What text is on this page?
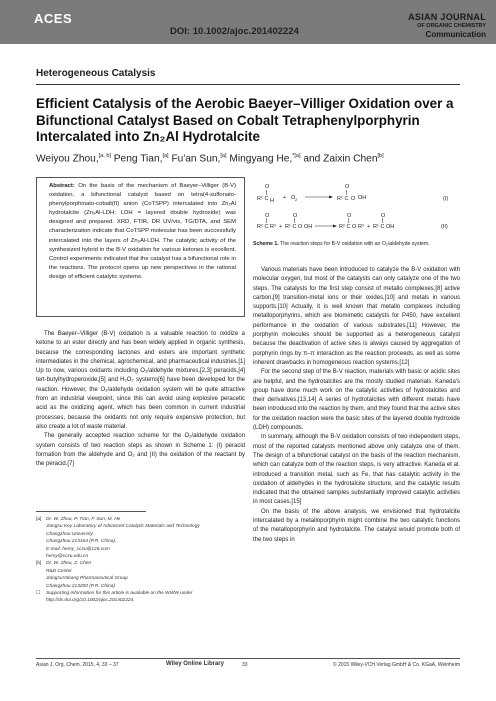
ACES	ASIAN JOURNAL
OF ORGANIC CHEMISTRY
Communication
DOI: 10.1002/ajoc.201402224
Heterogeneous Catalysis
Efficient Catalysis of the Aerobic Baeyer–Villiger Oxidation over a Bifunctional Catalyst Based on Cobalt Tetraphenylporphyrin Intercalated into Zn₂Al Hydrotalcite
Weiyou Zhou,[a, b] Peng Tian,[a] Fu'an Sun,[a] Mingyang He,$^{*[a]}$ and Zaixin Chen[b]
Abstract: On the basis of the mechanism of Baeyer–Villiger (B-V) oxidation, a bifunctional catalyst based on tetra(4-sulfonato-phenylporphinato-cobalt(II) anion (CoTSPP) intercalated into Zn₂Al hydrotalcite (Zn₂Al-LDH; LDH = layered double hydroxide) was designed and prepared. XRD, FTIR, DR UV/vis, TG/DTA, and SEM characterization indicate that CoTSPP molecular has been successfully intercalated into the layers of Zn₂Al-LDH. The catalytic activity of the synthesized hybrid in the B-V oxidation for various ketones is excellent. Control experiments indicated that the catalyst has a bifunctional role in the reactions. The protocol opens up new perspectives in the rational design of efficient catalytic systems.

The Baeyer–Villiger (B-V) oxidation is a valuable reaction to oxidize a ketone to an ester directly and has been widely applied in organic synthesis, because the corresponding lactones and esters are important synthetic intermediates in the chemical, agrochemical, and pharmaceutical industries.[1] Up to now, various oxidants including O₂/aldehyde mixtures,[2,3] peracids,[4] tert-butylhydroperoxide,[5] and H₂O₂ systems[6] have been developed for the reaction. However, the O₂/aldehyde oxidation system will be quite attractive from an industrial viewpoint, since this can avoid using explosive peracetic acid as the oxidizing agent, which has been common in current industrial processes, because the oxidants not only require expensive protection, but also create a lot of waste material.

The generally accepted reaction scheme for the O₂/aldehyde oxidation system consists of two reaction steps as shown in Scheme 1: (I) peracid formation from the aldehyde and O₂ and (II) the oxidation of the reactant by the peracid.[7]

R¹
O
C H + O 2	R¹
O
C O OH	(I)
R²
O
C R³ + R¹
O
C O OH	R²
O
C O R³ + R¹
O
C OH	(II)
Scheme 1. The reaction steps for B-V oxidation with an O₂/aldehyde system.

Various materials have been introduced to catalyze the B-V oxidation with molecular oxygen, but most of the catalysts can only catalyze one of the two steps. The catalysts for the first step consist of metallo complexes,[8] active carbon,[9] transition-metal ions or their oxides,[10] and metals in various supports.[10] Actually, it is well known that metallo complexes including metalloporphyrins, which are biomimetic catalysts for P450, have excellent performance in the oxidation of various substrates.[11] However, the porphyrin molecules should be supported as a heterogeneous catalyst because the deactivation of active sites is always caused by aggregation of porphyrin rings by π–π interaction as the reaction proceeds, as well as some inherent drawbacks in homogeneous reaction systems.[12]

For the second step of the B-V reaction, materials with basic or acidic sites are helpful, and the hydrotalcites are the mostly studied materials. Kaneda's group have done much work on the catalytic activities of hydrotalcites and their derivatives.[13,14] A series of hydrotalcites with different metals have been introduced into the reaction by them, and they found that the active sites for the oxidation reaction were the basic sites of the layered double hydroxide (LDH) compounds.

In summary, although the B-V oxidation consists of two independent steps, most of the reported catalysts mentioned above only catalyze one of them. The design of a bifunctional catalyst on the basis of the reaction mechanism, which can catalyze both of the reaction steps, is very attractive. Kaneda et al. introduced a transition metal, such as Fe, that has catalytic activity in the oxidation of aldehydes in the hydrotalcite structure, and the catalytic results indicated that the obtained samples substantially improved catalytic activities in most cases.[15]

On the basis of the above analysis, we envisioned that hydrotalcite intercalated by a metalloporphyrin might combine the two catalytic functions of the metalloporphyrin and hydrotalcite. The catalyst would promote both of the two steps in

[a] Dr. W. Zhou, P. Tian, F. Sun, M. He
Jiangsu Key Laboratory of Advanced Catalytic Materials and Technology
Changzhou University
Changzhou 213164 (P.R. China),
E-mail: hemy_cczu@126.com
hemy@cczu.edu.cn
[b] Dr. W. Zhou, Z. Chen
R&D Center
JiangsuYabang Pharmaceutical Group
Changzhou 213200 (P.R. China)
☐ Supporting information for this article is available on the WWW under
http://dx.doi.org/10.1002/ajoc.201402224.
Asian J. Org. Chem. 2015, 4, 33 – 37	Wiley Online Library	33	© 2015 Wiley-VCH Verlag GmbH & Co. KGaA, Weinheim
